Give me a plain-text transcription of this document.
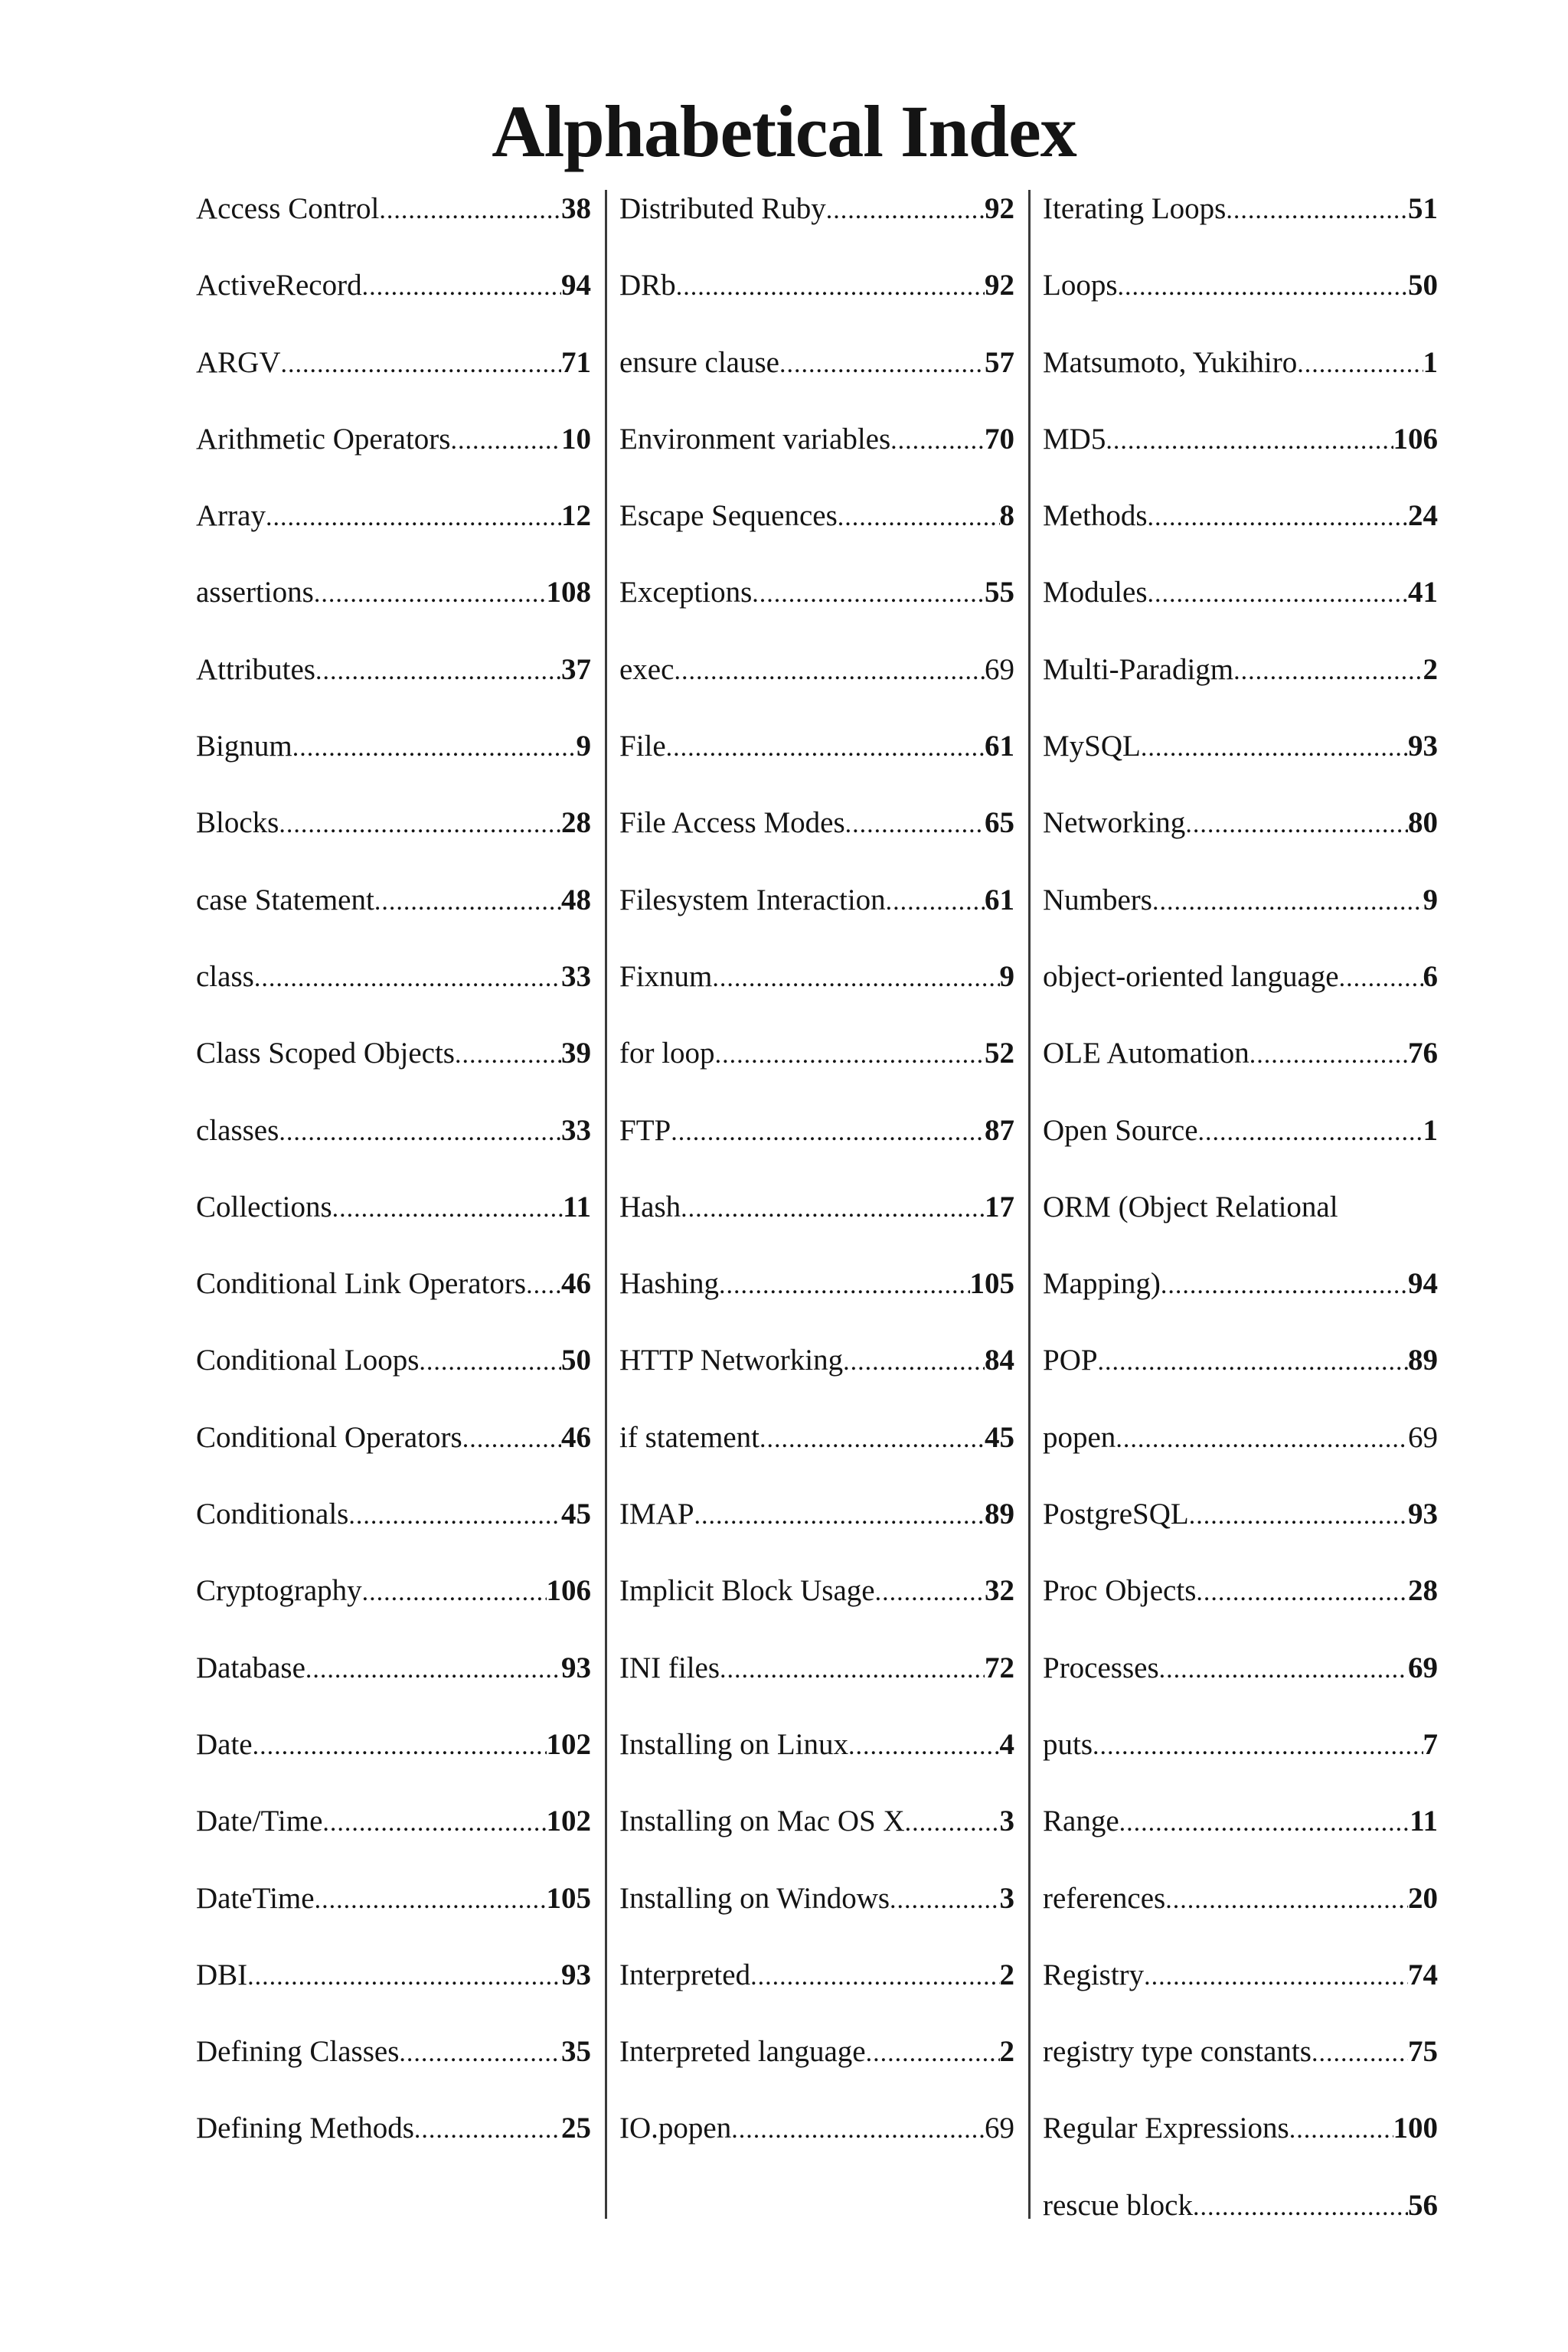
Alphabetical Index
Access Control .....	38
ActiveRecord .....	94
ARGV .....	71
Arithmetic Operators .....	10
Array .....	12
assertions .....	108
Attributes .....	37
Bignum .....	9
Blocks .....	28
case Statement .....	48
class .....	33
Class Scoped Objects .....	39
classes .....	33
Collections .....	11
Conditional Link Operators ..... 46
Conditional Loops .....	50
Conditional Operators .....	46
Conditionals .....	45
Cryptography .....	106
Database .....	93
Date .....	102
Date/Time .....	102
DateTime .....	105
DBI .....	93
Defining Classes .....	35
Defining Methods .....	25
Distributed Ruby .....	92
DRb .....	92
ensure clause .....	57
Environment variables .....	70
Escape Sequences .....	8
Exceptions .....	55
exec .....	69
File .....	61
File Access Modes .....	65
Filesystem Interaction .....	61
Fixnum .....	9
for loop .....	52
FTP .....	87
Hash .....	17
Hashing .....	105
HTTP Networking .....	84
if statement .....	45
IMAP .....	89
Implicit Block Usage .....	32
INI files .....	72
Installing on Linux .....	4
Installing on Mac OS X .....	3
Installing on Windows .....	3
Interpreted .....	2
Interpreted language .....	2
IO.popen .....	69
Iterating Loops .....	51
Loops .....	50
Matsumoto, Yukihiro .....	1
MD5 .....	106
Methods .....	24
Modules .....	41
Multi-Paradigm .....	2
MySQL .....	93
Networking .....	80
Numbers .....	9
object-oriented language .....	6
OLE Automation .....	76
Open Source .....	1
ORM (Object Relational
Mapping) .....	94
POP .....	89
popen .....	69
PostgreSQL .....	93
Proc Objects .....	28
Processes .....	69
puts .....	7
Range .....	11
references .....	20
Registry .....	74
registry type constants .....	75
Regular Expressions .....	100
rescue block .....	56
